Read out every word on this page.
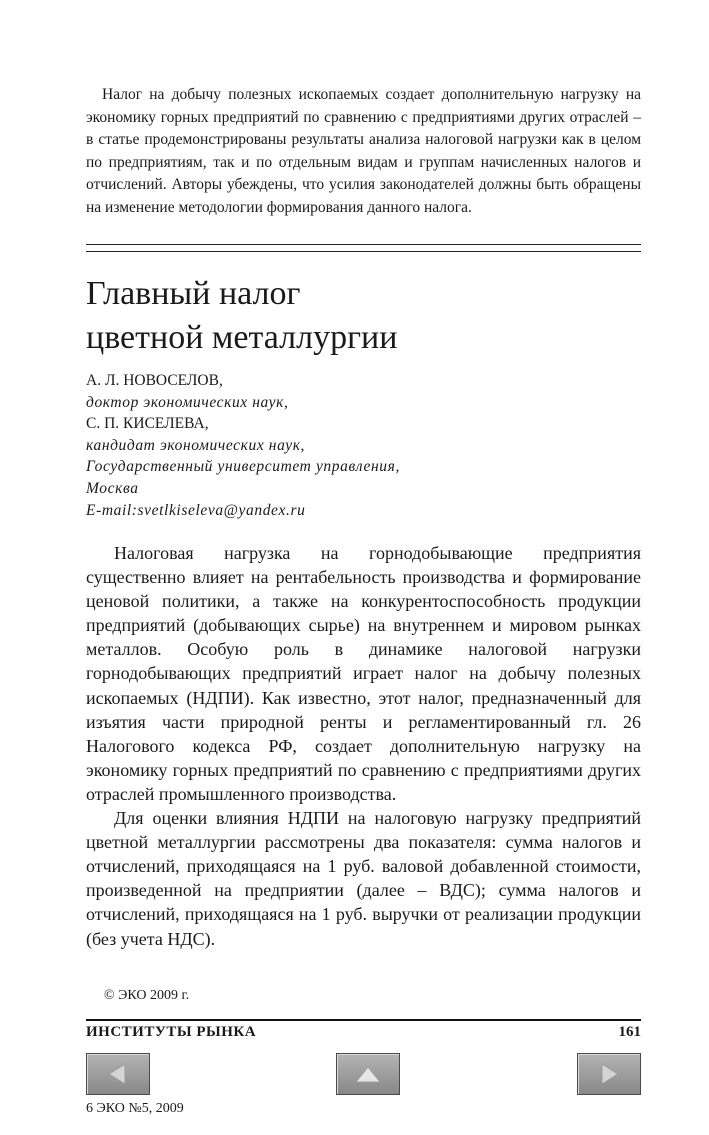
Налог на добычу полезных ископаемых создает дополнительную нагрузку на экономику горных предприятий по сравнению с предприятиями других отраслей – в статье продемонстрированы результаты анализа налоговой нагрузки как в целом по предприятиям, так и по отдельным видам и группам начисленных налогов и отчислений. Авторы убеждены, что усилия законодателей должны быть обращены на изменение методологии формирования данного налога.
Главный налог
цветной металлургии
А. Л. НОВОСЕЛОВ,
доктор экономических наук,
С. П. КИСЕЛЕВА,
кандидат экономических наук,
Государственный университет управления,
Москва
E-mail:svetlkiseleva@yandex.ru

Налоговая нагрузка на горнодобывающие предприятия существенно влияет на рентабельность производства и формирование ценовой политики, а также на конкурентоспособность продукции предприятий (добывающих сырье) на внутреннем и мировом рынках металлов. Особую роль в динамике налоговой нагрузки горнодобывающих предприятий играет налог на добычу полезных ископаемых (НДПИ). Как известно, этот налог, предназначенный для изъятия части природной ренты и регламентированный гл. 26 Налогового кодекса РФ, создает дополнительную нагрузку на экономику горных предприятий по сравнению с предприятиями других отраслей промышленного производства.

Для оценки влияния НДПИ на налоговую нагрузку предприятий цветной металлургии рассмотрены два показателя: сумма налогов и отчислений, приходящаяся на 1 руб. валовой добавленной стоимости, произведенной на предприятии (далее – ВДС); сумма налогов и отчислений, приходящаяся на 1 руб. выручки от реализации продукции (без учета НДС).

© ЭКО 2009 г.
ИНСТИТУТЫ РЫНКА	161
6 ЭКО №5, 2009
